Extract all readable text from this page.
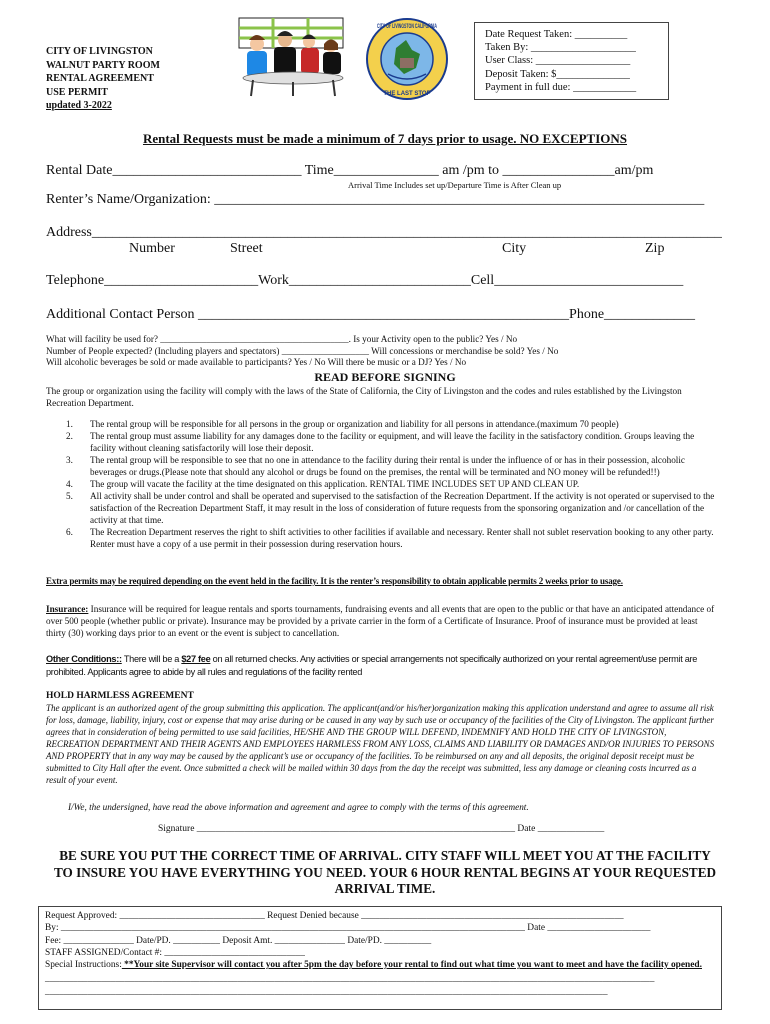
CITY OF LIVINGSTON
WALNUT PARTY ROOM
RENTAL AGREEMENT
USE PERMIT
updated 3-2022
CITY OF LIVINGSTON CALIFORNIA
THE LAST STOP
Date Request Taken: __________
Taken By: ____________________
User Class: __________________
Deposit Taken: $______________
Payment in full due: ____________
Rental Requests must be made a minimum of 7 days prior to usage. NO EXCEPTIONS
Rental Date___________________________ Time_______________ am /pm to ________________am/pm
Arrival Time Includes set up/Departure Time is After Clean up
Renter’s Name/Organization: ______________________________________________________________________
Address__________________________________________________________________________________________
Number	Street	City	Zip
Telephone______________________Work__________________________Cell___________________________
Additional Contact Person _____________________________________________________Phone_____________
What will facility be used for? _________________________________________. Is your Activity open to the public? Yes / No
Number of People expected? (Including players and spectators) ___________________ Will concessions or merchandise be sold? Yes / No
Will alcoholic beverages be sold or made available to participants? Yes / No Will there be music or a DJ? Yes / No
READ BEFORE SIGNING
The group or organization using the facility will comply with the laws of the State of California, the City of Livingston and the codes and rules established by the Livingston Recreation Department.
1.	The rental group will be responsible for all persons in the group or organization and liability for all persons in attendance.(maximum 70 people)
2.	The rental group must assume liability for any damages done to the facility or equipment, and will leave the facility in the satisfactory condition. Groups leaving the facility without cleaning satisfactorily will lose their deposit.
3.	The rental group will be responsible to see that no one in attendance to the facility during their rental is under the influence of or has in their possession, alcoholic beverages or drugs.(Please note that should any alcohol or drugs be found on the premises, the rental will be terminated and NO money will be refunded!!)
4.	The group will vacate the facility at the time designated on this application. RENTAL TIME INCLUDES SET UP AND CLEAN UP.
5.	All activity shall be under control and shall be operated and supervised to the satisfaction of the Recreation Department. If the activity is not operated or supervised to the satisfaction of the Recreation Department Staff, it may result in the loss of consideration of future requests from the sponsoring organization and /or cancellation of the activity at that time.
6.	The Recreation Department reserves the right to shift activities to other facilities if available and necessary. Renter shall not sublet reservation booking to any other party. Renter must have a copy of a use permit in their possession during reservation hours.
Extra permits may be required depending on the event held in the facility. It is the renter’s responsibility to obtain applicable permits 2 weeks prior to usage.
Insurance: Insurance will be required for league rentals and sports tournaments, fundraising events and all events that are open to the public or that have an anticipated attendance of over 500 people (whether public or private). Insurance may be provided by a private carrier in the form of a Certificate of Insurance. Proof of insurance must be provided at least thirty (30) working days prior to an event or the event is subject to cancellation.
Other Conditions:: There will be a $27 fee on all returned checks. Any activities or special arrangements not specifically authorized on your rental agreement/use permit are prohibited. Applicants agree to abide by all rules and regulations of the facility rented
HOLD HARMLESS AGREEMENT
The applicant is an authorized agent of the group submitting this application. The applicant(and/or his/her)organization making this application understand and agree to assume all risk for loss, damage, liability, injury, cost or expense that may arise during or be caused in any way by such use or occupancy of the facilities of the City of Livingston. The applicant further agrees that in consideration of being permitted to use said facilities, HE/SHE AND THE GROUP WILL DEFEND, INDEMNIFY AND HOLD THE CITY OF LIVINGSTON, RECREATION DEPARTMENT AND THEIR AGENTS AND EMPLOYEES HARMLESS FROM ANY LOSS, CLAIMS AND LIABILITY OR DAMAGES AND/OR INJURIES TO PERSONS AND PROPERTY that in any way may be caused by the applicant’s use or occupancy of the facilities. To be reimbursed on any and all deposits, the original deposit receipt must be submitted to City Hall after the event. Once submitted a check will be mailed within 30 days from the day the receipt was submitted, less any damage or cleaning costs incurred as a result of your event.
I/We, the undersigned, have read the above information and agreement and agree to comply with the terms of this agreement.
Signature ___________________________________________________________________ Date ______________
BE SURE YOU PUT THE CORRECT TIME OF ARRIVAL. CITY STAFF WILL MEET YOU AT THE FACILITY TO INSURE YOU HAVE EVERYTHING YOU NEED. YOUR 6 HOUR RENTAL BEGINS AT YOUR REQUESTED ARRIVAL TIME.
Request Approved: _______________________________ Request Denied because ________________________________________________________
By: ___________________________________________________________________________________________________ Date ______________________
Fee: _______________ Date/PD. __________ Deposit Amt. _______________ Date/PD. __________
STAFF ASSIGNED/Contact #: ______________________________
Special Instructions: **Your site Supervisor will contact you after 5pm the day before your rental to find out what time you want to meet and have the facility opened.
__________________________________________________________________________________________________________________________________
________________________________________________________________________________________________________________________
